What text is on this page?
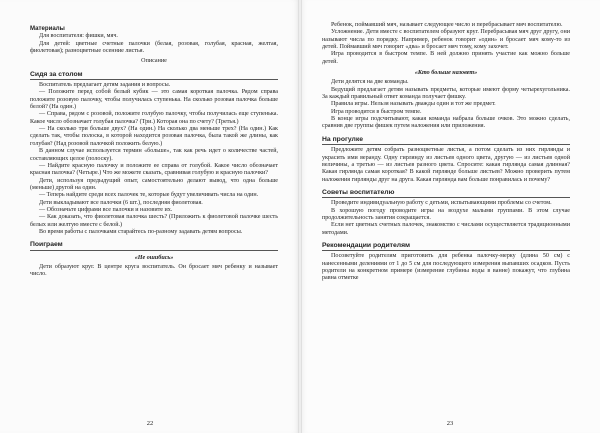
Материалы

Для воспитателя: фишки, мяч.

Для детей: цветные счетные палочки (белая, розовая, голубая, красная, желтая, фиолетовая); разноцветные осенние листья.

Описание

Сидя за столом

Воспитатель предлагает детям задания и вопросы.

— Положите перед собой белый кубик — это самая короткая палочка. Рядом справа положите розовую палочку, чтобы получилась ступенька. На сколько розовая палочка больше белой? (На один.)

— Справа, рядом с розовой, положите голубую палочку, чтобы получилась еще ступенька. Какое число обозначает голубая палочка? (Три.) Которая она по счету? (Третья.)

— На сколько три больше двух? (На один.) На сколько два меньше трех? (На один.) Как сделать так, чтобы полоска, в которой находится розовая палочка, была такой же длины, как голубая? (Над розовой палочкой положить белую.)

В данном случае используется термин «больше», так как речь идет о количестве частей, составляющих целое (полоску).

— Найдите красную палочку и положите ее справа от голубой. Какое число обозначает красная палочка? (Четыре.) Что же можете сказать, сравнивая голубую и красную палочки?

Дети, используя предыдущий опыт, самостоятельно делают вывод, что одна больше (меньше) другой на один.

— Теперь найдите среди всех палочек те, которые будут увеличивать числа на один.

Дети выкладывают все палочки (6 шт.), последняя фиолетовая.

— Обозначьте цифрами все палочки и назовите их.

— Как доказать, что фиолетовая палочка шесть? (Приложить к фиолетовой палочке шесть белых или желтую вместе с белой.)

Во время работы с палочками старайтесь по-разному задавать детям вопросы.

Поиграем

«Не ошибись»

Дети образуют круг. В центре круга воспитатель. Он бросает мяч ребенку и называет число.

22

Ребенок, поймавший мяч, называет следующее число и перебрасывает мяч воспитателю.

Усложнение. Дети вместе с воспитателем образуют круг. Перебрасывая мяч друг другу, они называют числа по порядку. Например, ребенок говорит «один» и бросает мяч кому-то из детей. Поймавший мяч говорит «два» и бросает мяч тому, кому захочет.

Игра проводится в быстром темпе. В ней должно принять участие как можно больше детей.

«Кто больше назовет»

Дети делятся на две команды.

Ведущий предлагает детям называть предметы, которые имеют форму четырехугольника. За каждый правильный ответ команда получает фишку.

Правила игры. Нельзя называть дважды один и тот же предмет.

Игра проводится в быстром темпе.

В конце игры подсчитывают, какая команда набрала больше очков. Это можно сделать, сравнив две группы фишек путем наложения или приложения.

На прогулке

Предложите детям собрать разноцветные листья, а потом сделать из них гирлянды и украсить ими веранду. Одну гирлянду из листьев одного цвета, другую — из листьев одной величины, а третью — из листьев разного цвета. Спросите: какая гирлянда самая длинная? Какая гирлянда самая короткая? В какой гирлянде больше листьев? Можно проверить путем наложения гирлянды друг на друга. Какая гирлянда вам больше понравилась и почему?

Советы воспитателю

Проведите индивидуальную работу с детьми, испытывающими проблемы со счетом.

В хорошую погоду проводите игры на воздухе малыми группами. В этом случае продолжительность занятия сокращается.

Если нет цветных счетных палочек, знакомство с числами осуществляется традиционными методами.

Рекомендации родителям

Посоветуйте родителям приготовить для ребенка палочку-мерку (длина 50 см) с нанесенными делениями от 1 до 5 см для последующего измерения выпавших осадков. Пусть родители на конкретном примере (измерение глубины воды в ванне) покажут, что глубина равна отметке

23
